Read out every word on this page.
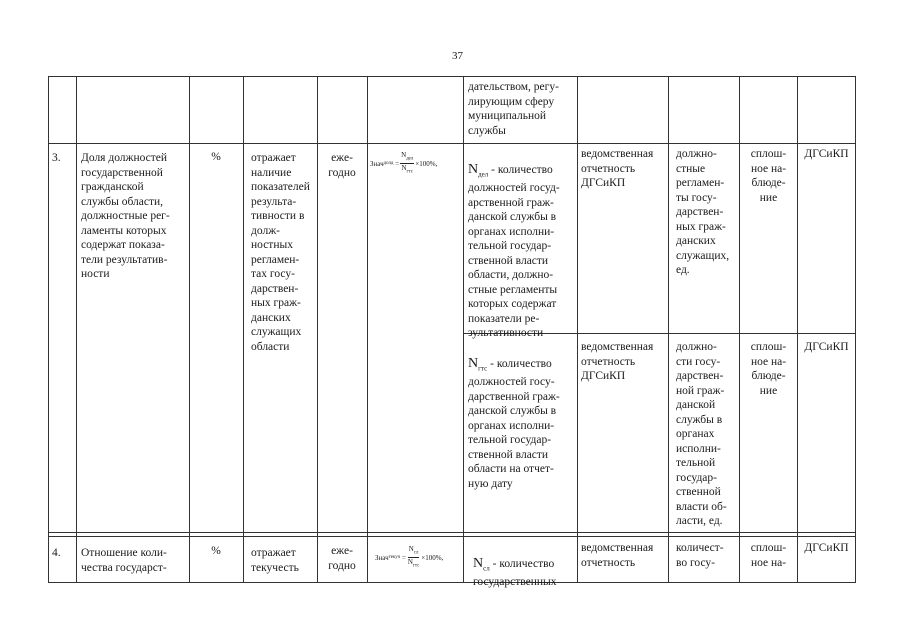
37
дательством, регу-
лирующим сферу
муниципальной
службы
3. Доля должностей
государственной
гражданской
службы области,
должностные рег-
ламенты которых
содержат показа-
тели результатив-
ности
%	отражает
наличие
показателей
результа-
тивности в
долж-
ностных
регламен-
тах госу-
дарствен-
ных граж-
данских
служащих
области
еже-
годно
Знач долд
= $\frac{N_{дел}}{N_{гтс}} \times 100\%$, $N_{дел}$ - количество
должностей госуд-
арственной граж-
данской службы в
органах исполни-
тельной государ-
ственной власти
области, должно-
стные регламенты
которых содержат
показатели ре-
зультативности

ведомственная
отчетность
ДГСиКП
должно-
стные
регламен-
ты госу-
дарствен-
ных граж-
данских
служащих,
ед.
сплош-
ное на-
блюде-
ние
ДГСиКП

$N_{гтс}$ - количество
должностей госу-
дарственной граж-
данской службы в
органах исполни-
тельной государ-
ственной власти
области на отчет-
ную дату

ведомственная
отчетность
ДГСиКП
должно-
сти госу-
дарствен-
ной граж-
данской
службы в
органах
исполни-
тельной
государ-
ственной
власти об-
ласти, ед.
сплош-
ное на-
блюде-
ние
ДГСиКП
4. Отношение коли-
чества государст-
%	отражает
текучесть
еже-
годно
Знач текуч
= $\frac{N_{сл}}{N_{гтс}} \times 100\%$, $N_{сл}$ - количество
государственных

ведомственная
отчетность
количест-
во госу-
сплош-
ное на-
ДГСиКП
